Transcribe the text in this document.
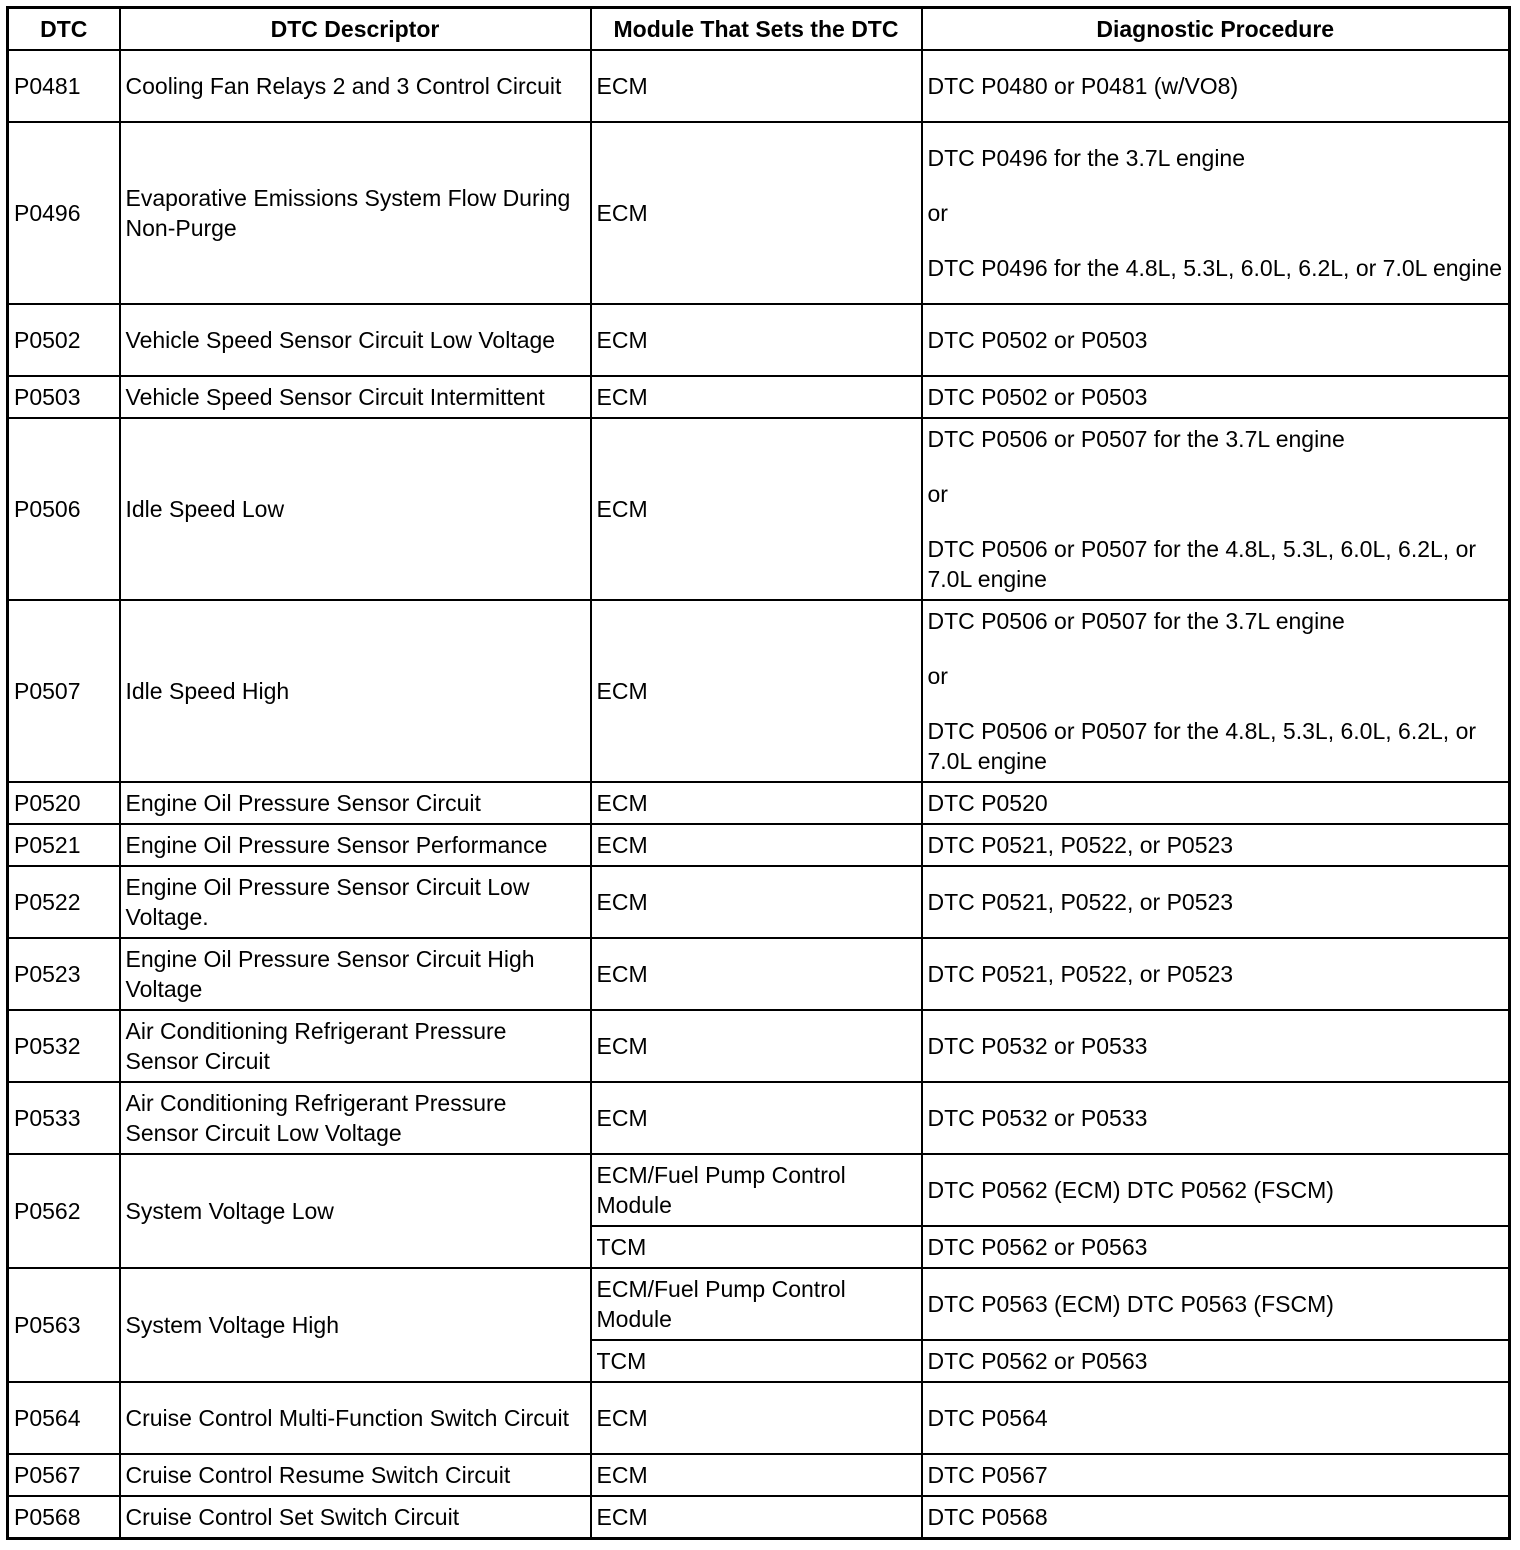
DTC	DTC Descriptor	Module That Sets the DTC	Diagnostic Procedure
P0481	Cooling Fan Relays 2 and 3 Control Circuit	ECM	DTC P0480 or P0481 (w/VO8)
P0496	Evaporative Emissions System Flow During Non-Purge	ECM	DTC P0496 for the 3.7L engine
or
DTC P0496 for the 4.8L, 5.3L, 6.0L, 6.2L, or 7.0L engine

P0502	Vehicle Speed Sensor Circuit Low Voltage	ECM	DTC P0502 or P0503
P0503	Vehicle Speed Sensor Circuit Intermittent	ECM	DTC P0502 or P0503
P0506	Idle Speed Low	ECM	DTC P0506 or P0507 for the 3.7L engine
or
DTC P0506 or P0507 for the 4.8L, 5.3L, 6.0L, 6.2L, or 7.0L engine

P0507	Idle Speed High	ECM	DTC P0506 or P0507 for the 3.7L engine
or
DTC P0506 or P0507 for the 4.8L, 5.3L, 6.0L, 6.2L, or 7.0L engine

P0520	Engine Oil Pressure Sensor Circuit	ECM	DTC P0520
P0521	Engine Oil Pressure Sensor Performance	ECM	DTC P0521, P0522, or P0523
P0522	Engine Oil Pressure Sensor Circuit Low Voltage.	ECM	DTC P0521, P0522, or P0523
P0523	Engine Oil Pressure Sensor Circuit High Voltage	ECM	DTC P0521, P0522, or P0523
P0532	Air Conditioning Refrigerant Pressure Sensor Circuit	ECM	DTC P0532 or P0533
P0533	Air Conditioning Refrigerant Pressure Sensor Circuit Low Voltage	ECM	DTC P0532 or P0533
P0562	System Voltage Low	ECM/Fuel Pump Control Module	DTC P0562 (ECM) DTC P0562 (FSCM)
		TCM	DTC P0562 or P0563
P0563	System Voltage High	ECM/Fuel Pump Control Module	DTC P0563 (ECM) DTC P0563 (FSCM)
		TCM	DTC P0562 or P0563
P0564	Cruise Control Multi-Function Switch Circuit	ECM	DTC P0564
P0567	Cruise Control Resume Switch Circuit	ECM	DTC P0567
P0568	Cruise Control Set Switch Circuit	ECM	DTC P0568
